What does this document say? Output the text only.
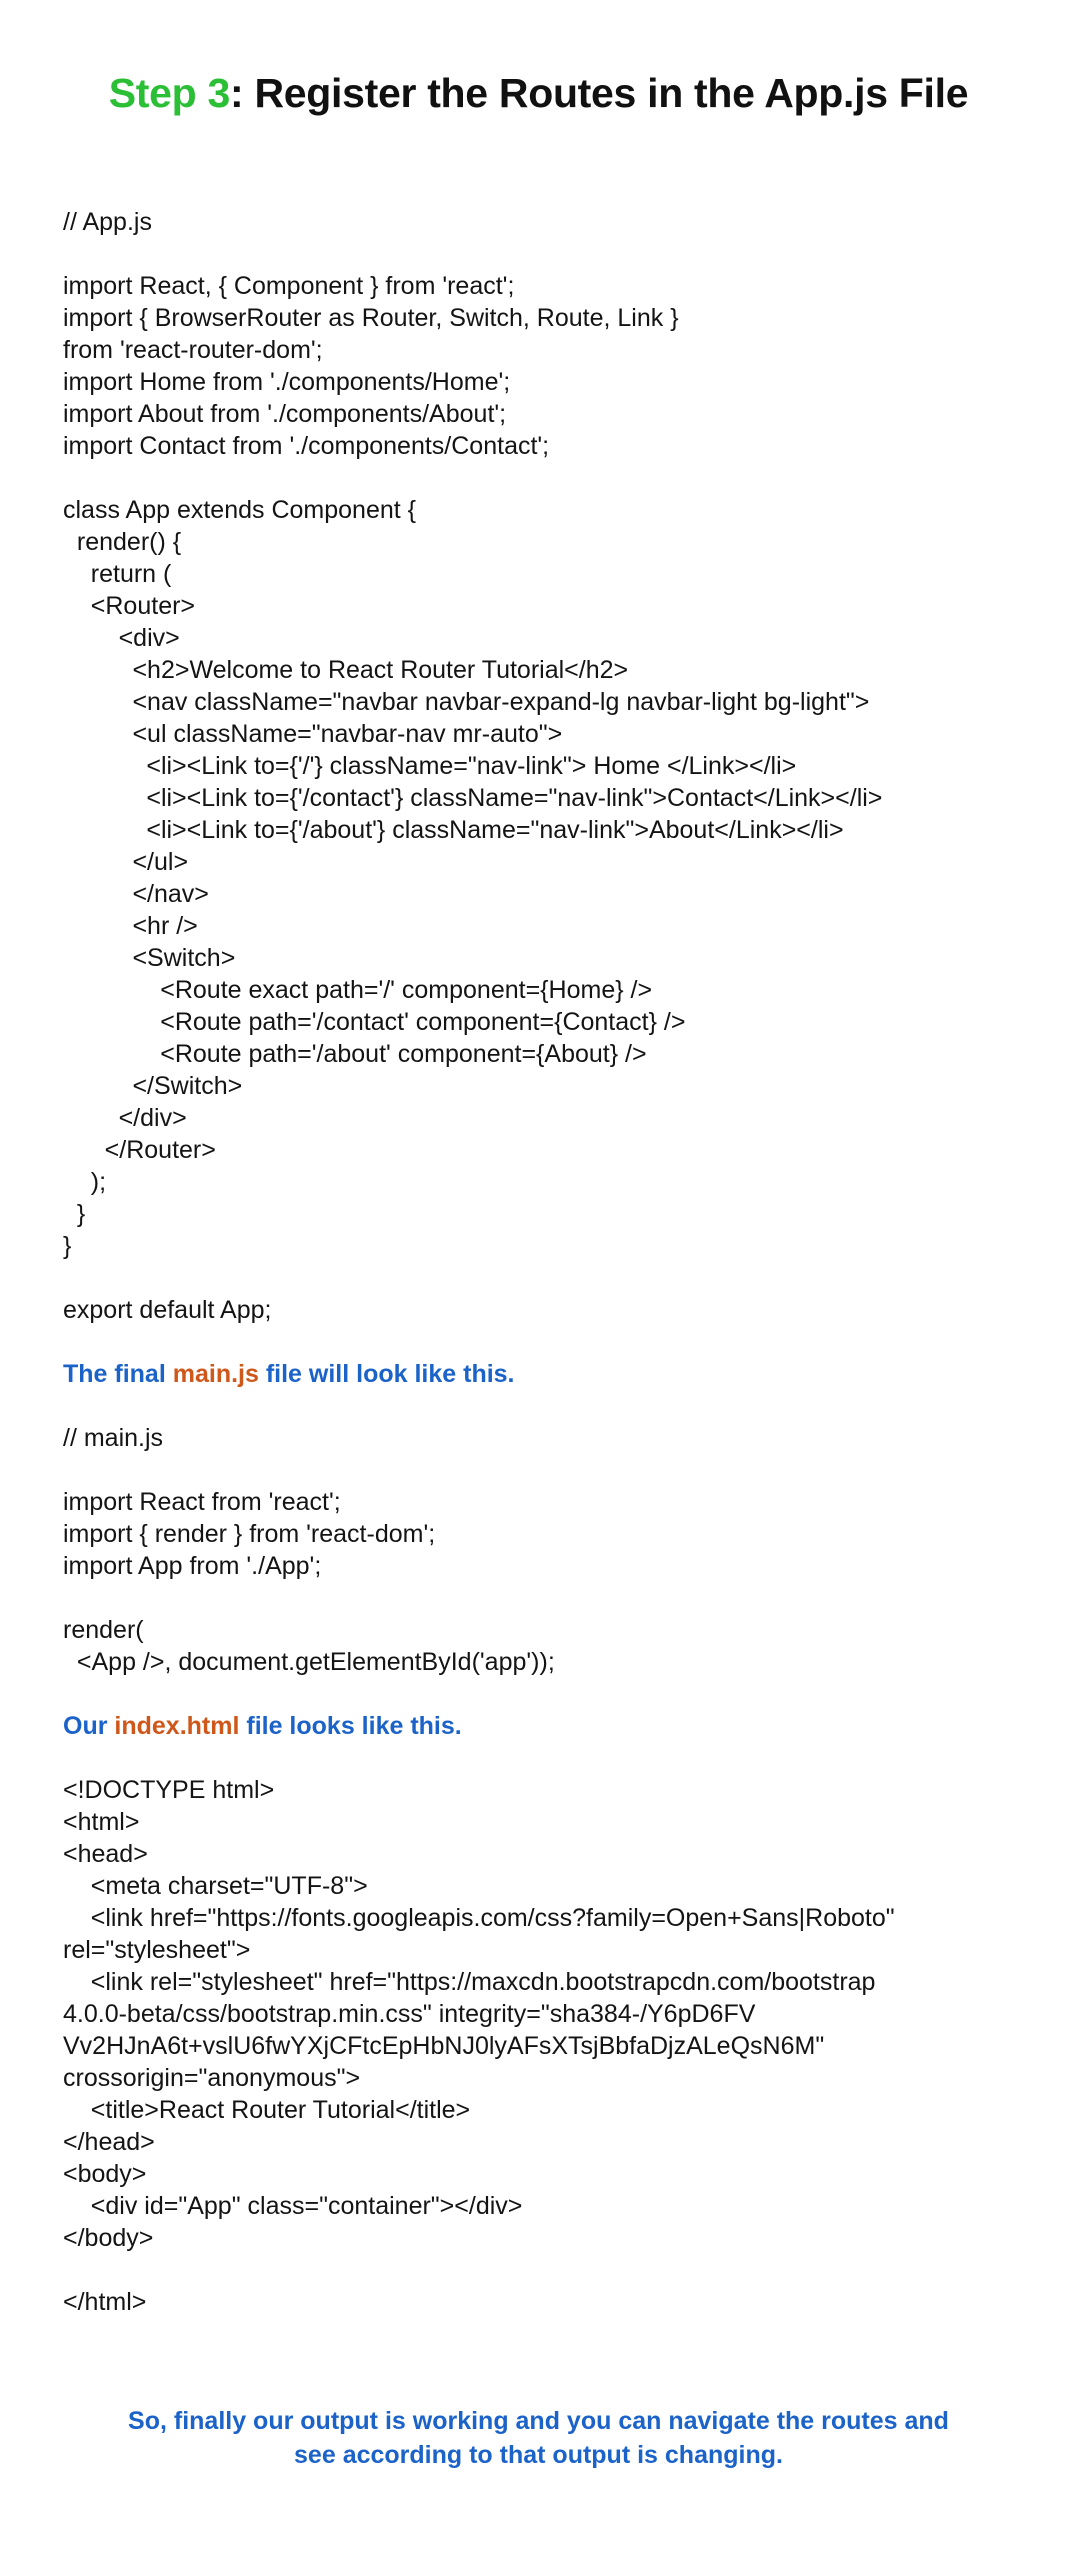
Step 3: Register the Routes in the App.js File
// App.js
import React, { Component } from 'react';
import { BrowserRouter as Router, Switch, Route, Link }
from 'react-router-dom';
import Home from './components/Home';
import About from './components/About';
import Contact from './components/Contact';
class App extends Component {
render() {
return (
<Router>
<div>
<h2>Welcome to React Router Tutorial</h2>
<nav className="navbar navbar-expand-lg navbar-light bg-light">
<ul className="navbar-nav mr-auto">
<li><Link to={'/'} className="nav-link"> Home </Link></li>
<li><Link to={'/contact'} className="nav-link">Contact</Link></li>
<li><Link to={'/about'} className="nav-link">About</Link></li>
</ul>
</nav>
<hr />
<Switch>
<Route exact path='/' component={Home} />
<Route path='/contact' component={Contact} />
<Route path='/about' component={About} />
</Switch>
</div>
</Router>
);
}
}
export default App;
The final main.js file will look like this.
// main.js
import React from 'react';
import { render } from 'react-dom';
import App from './App';
render(
<App />, document.getElementById('app'));
Our index.html file looks like this.
<!DOCTYPE html>
<html>
<head>
<meta charset="UTF-8">
<link href="https://fonts.googleapis.com/css?family=Open+Sans|Roboto"
rel="stylesheet">
<link rel="stylesheet" href="https://maxcdn.bootstrapcdn.com/bootstrap
4.0.0-beta/css/bootstrap.min.css" integrity="sha384-/Y6pD6FV
Vv2HJnA6t+vslU6fwYXjCFtcEpHbNJ0lyAFsXTsjBbfaDjzALeQsN6M"
crossorigin="anonymous">
<title>React Router Tutorial</title>
</head>
<body>
<div id="App" class="container"></div>
</body>
</html>
So, finally our output is working and you can navigate the routes and
see according to that output is changing.
